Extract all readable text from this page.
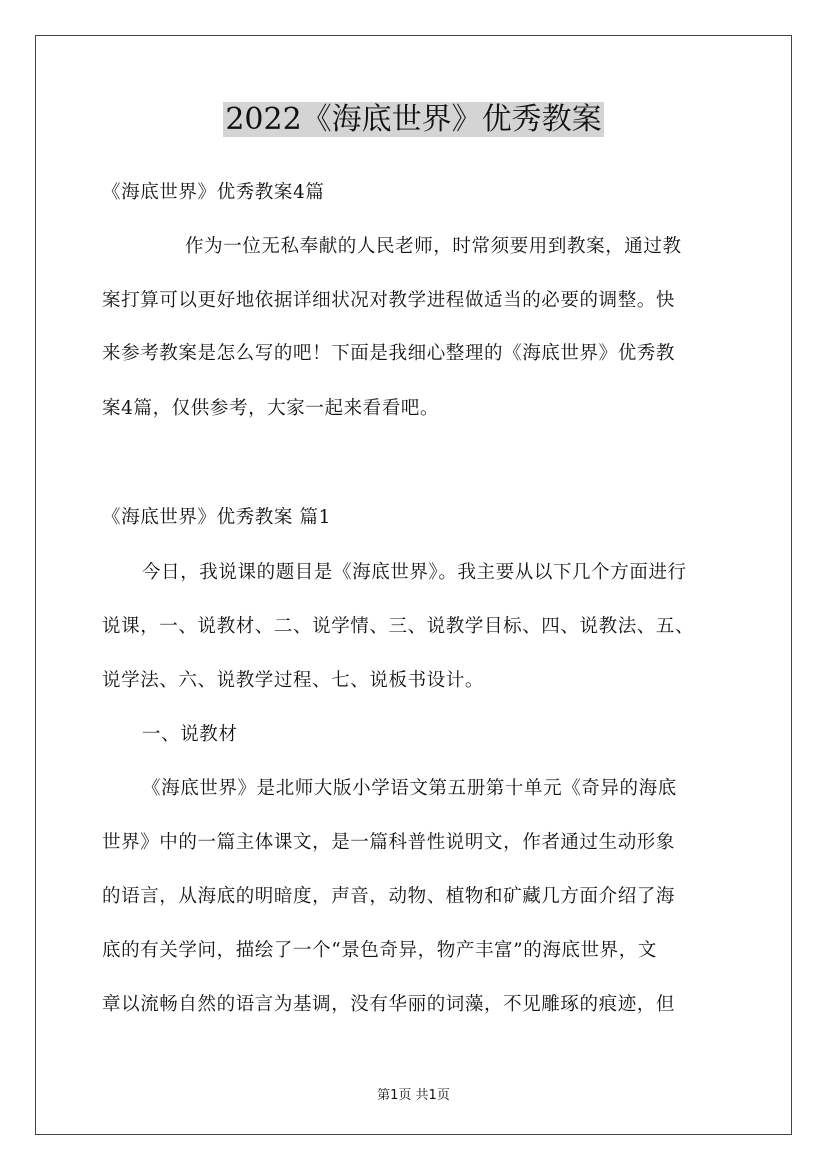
2022《海底世界》优秀教案
《海底世界》优秀教案4篇
作为一位无私奉献的人民老师，时常须要用到教案，通过教
案打算可以更好地依据详细状况对教学进程做适当的必要的调整。快
来参考教案是怎么写的吧！下面是我细心整理的《海底世界》优秀教
案4篇，仅供参考，大家一起来看看吧。
《海底世界》优秀教案 篇1
今日，我说课的题目是《海底世界》。我主要从以下几个方面进行
说课，一、说教材、二、说学情、三、说教学目标、四、说教法、五、
说学法、六、说教学过程、七、说板书设计。
一、说教材
《海底世界》是北师大版小学语文第五册第十单元《奇异的海底
世界》中的一篇主体课文，是一篇科普性说明文，作者通过生动形象
的语言，从海底的明暗度，声音，动物、植物和矿藏几方面介绍了海
底的有关学问，描绘了一个“景色奇异，物产丰富”的海底世界，文
章以流畅自然的语言为基调，没有华丽的词藻，不见雕琢的痕迹，但
第1页 共1页
